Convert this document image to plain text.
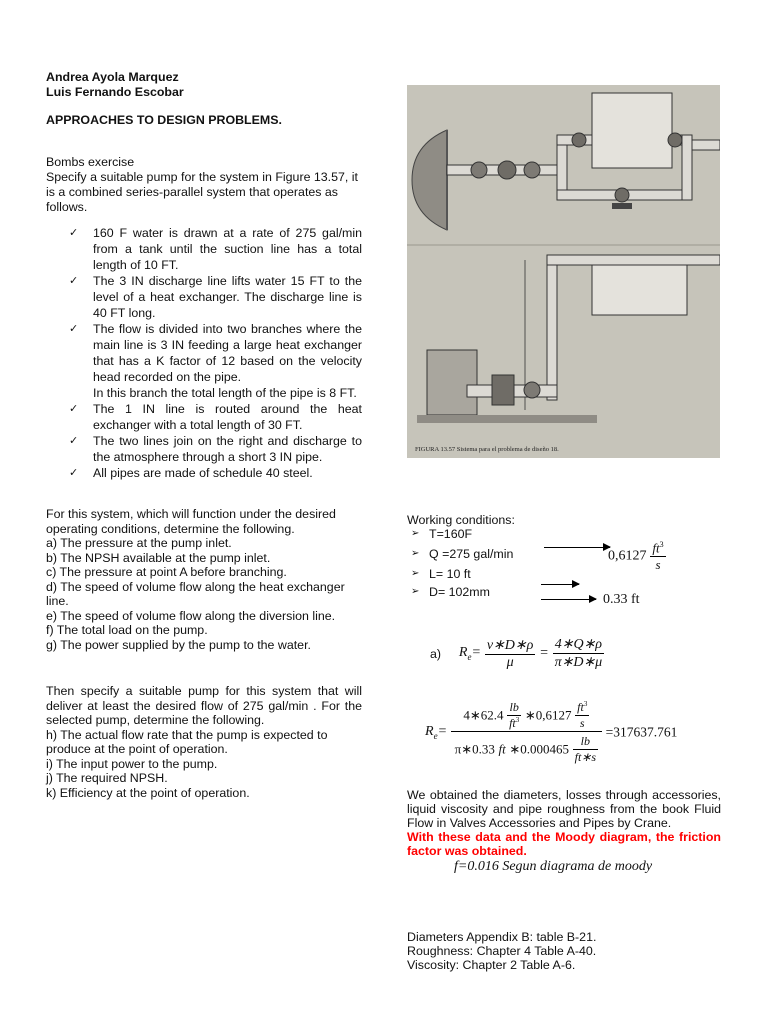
Andrea Ayola Marquez

Luis Fernando Escobar

APPROACHES TO DESIGN PROBLEMS.

Bombs exercise

Specify a suitable pump for the system in Figure 13.57, it is a combined series-parallel system that operates as follows.

✓ 160 F water is drawn at a rate of 275 gal/min from a tank until the suction line has a total length of 10 FT.
✓ The 3 IN discharge line lifts water 15 FT to the level of a heat exchanger. The discharge line is 40 FT long.
✓ The flow is divided into two branches where the main line is 3 IN feeding a large heat exchanger that has a K factor of 12 based on the velocity head recorded on the pipe.
In this branch the total length of the pipe is 8 FT.
✓ The 1 IN line is routed around the heat exchanger with a total length of 30 FT.
✓ The two lines join on the right and discharge to the atmosphere through a short 3 IN pipe.
✓ All pipes are made of schedule 40 steel.

For this system, which will function under the desired operating conditions, determine the following.

a) The pressure at the pump inlet.

b) The NPSH available at the pump inlet.

c) The pressure at point A before branching.

d) The speed of volume flow along the heat exchanger line.

e) The speed of volume flow along the diversion line.

f) The total load on the pump.

g) The power supplied by the pump to the water.

Then specify a suitable pump for this system that will deliver at least the desired flow of 275 gal/min . For the selected pump, determine the following.

h) The actual flow rate that the pump is expected to produce at the point of operation.

i) The input power to the pump.

j) The required NPSH.

k) Efficiency at the point of operation.

FIGURA 13.57 Sistema para el problema de diseño 18.

Working conditions:

➢ T=160F
➢ Q =275 gal/min
➢ L= 10 ft
➢ D= 102mm
$0,6127 \frac{ft^3}{s}$
0.33 ft
a) $R_e= \frac{v∗D∗\rho}{\mu} = \frac{4∗Q∗\rho}{\pi∗D∗\mu}$
$R_e= \frac{4∗62.4 \frac{lb}{ft^3} ∗0,6127 \frac{ft^3}{s}}{\pi∗0.33 ft ∗0.000465 \frac{lb}{ft∗s}} =317637.761$

We obtained the diameters, losses through accessories, liquid viscosity and pipe roughness from the book Fluid Flow in Valves Accessories and Pipes by Crane.

With these data and the Moody diagram, the friction factor was obtained.

f=0.016 Segun diagrama de moody

Diameters Appendix B: table B-21.

Roughness: Chapter 4 Table A-40.

Viscosity: Chapter 2 Table A-6.
